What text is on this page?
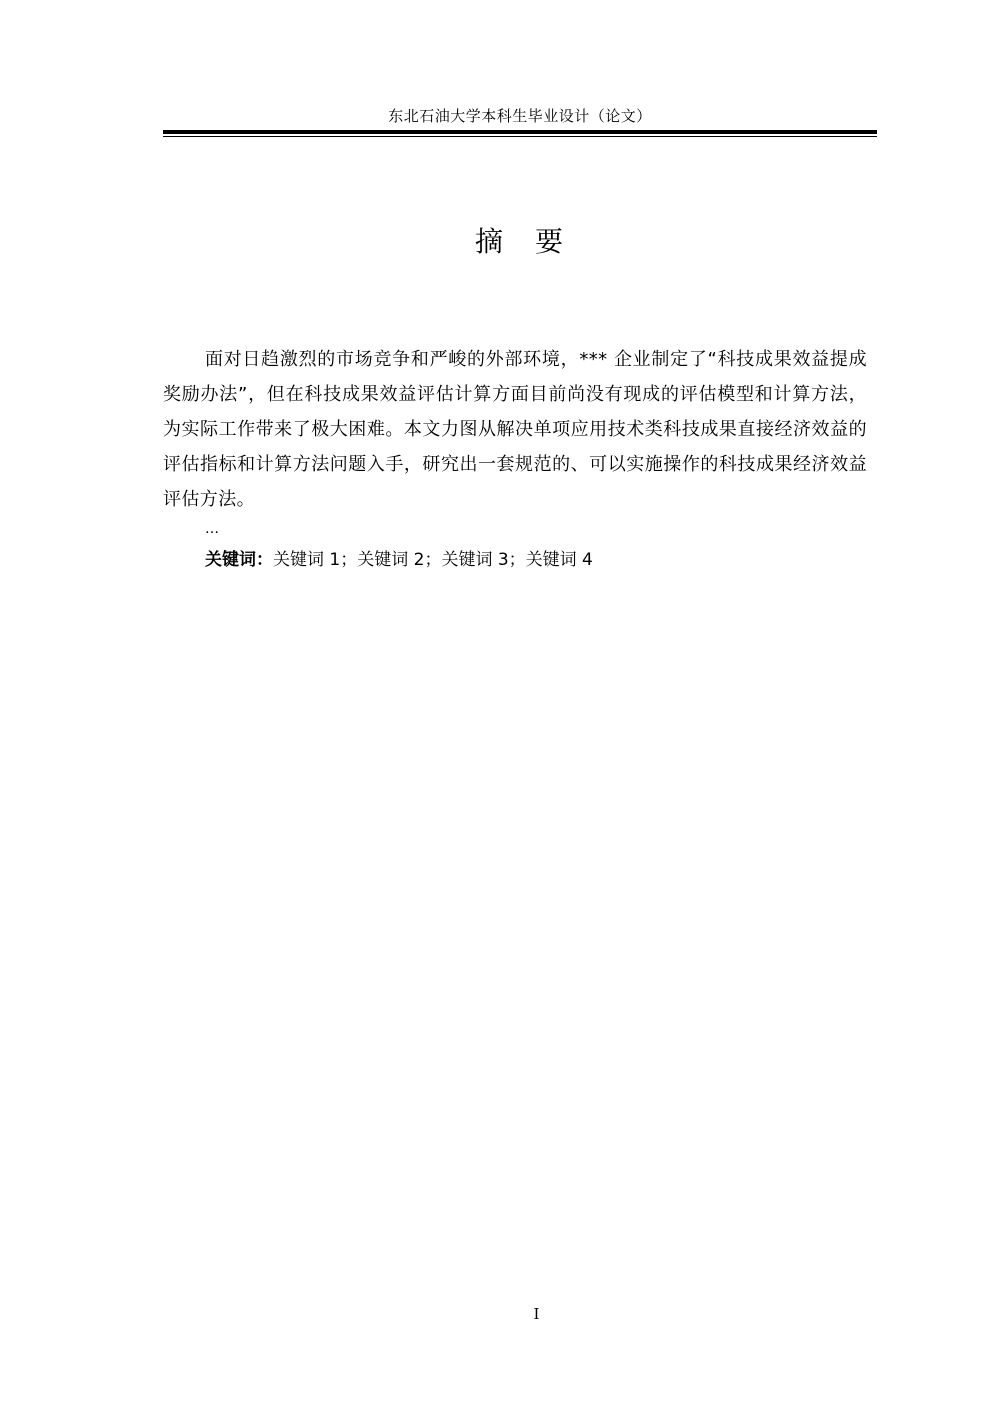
东北石油大学本科生毕业设计（论文）
摘 要

面对日趋激烈的市场竞争和严峻的外部环境，*** 企业制定了“科技成果效益提成奖励办法”，但在科技成果效益评估计算方面目前尚没有现成的评估模型和计算方法，为实际工作带来了极大困难。本文力图从解决单项应用技术类科技成果直接经济效益的评估指标和计算方法问题入手，研究出一套规范的、可以实施操作的科技成果经济效益评估方法。

…
关键词：关键词 1；关键词 2；关键词 3；关键词 4
I
